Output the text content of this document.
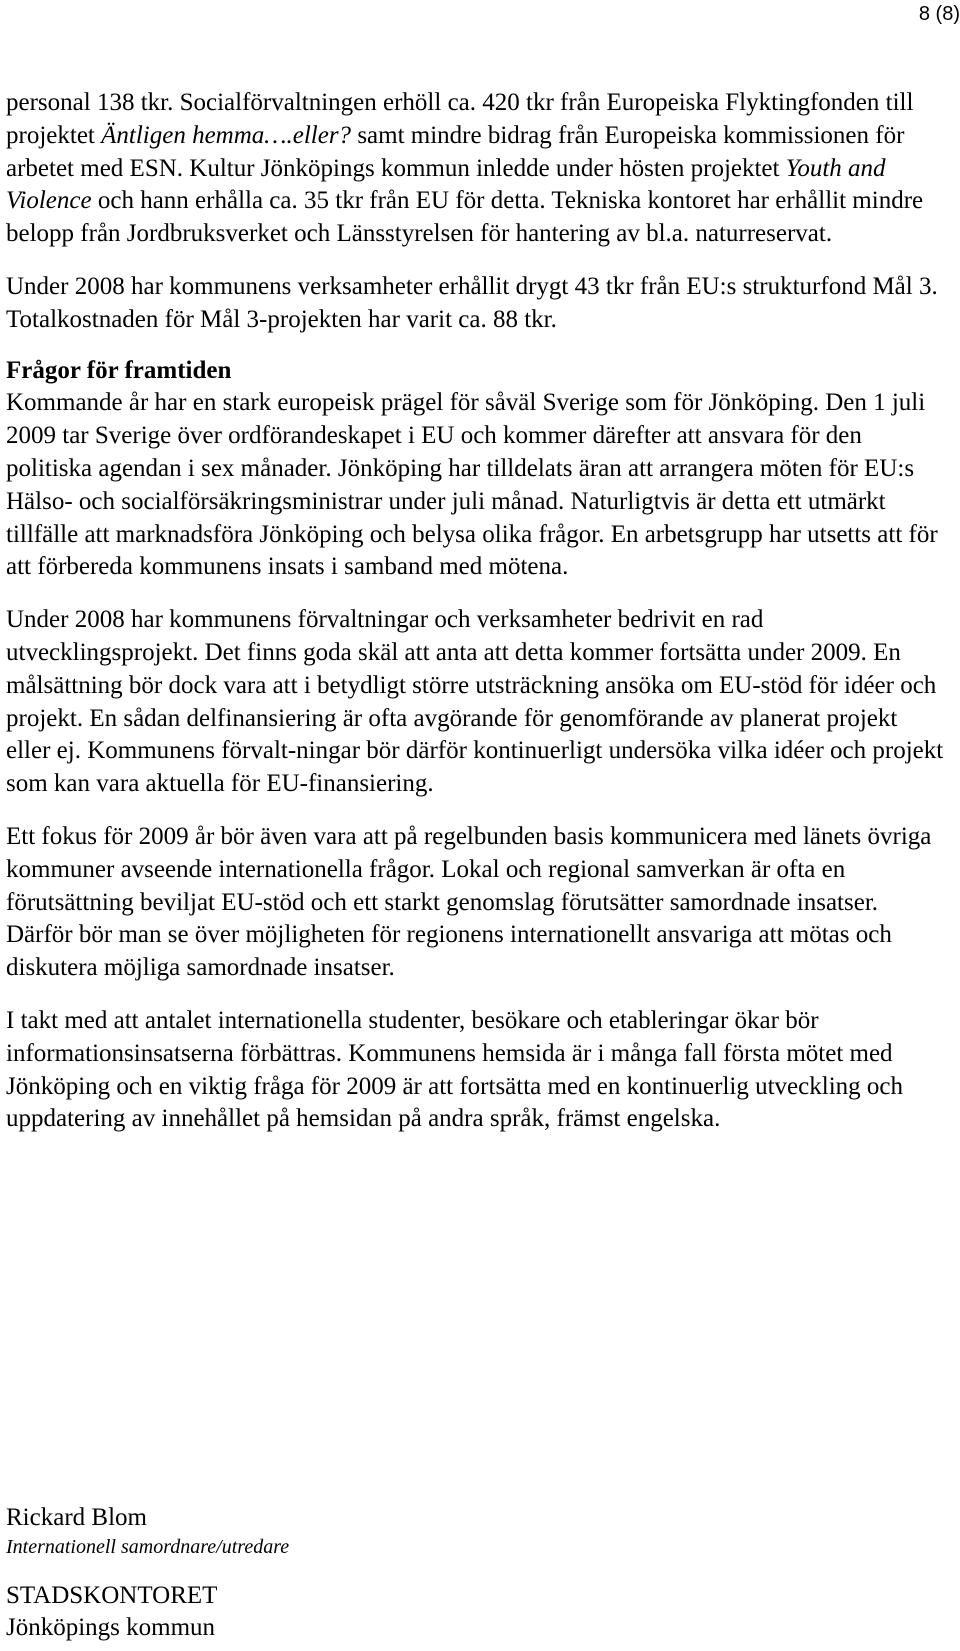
8 (8)

personal 138 tkr. Socialförvaltningen erhöll ca. 420 tkr från Europeiska Flyktingfonden till projektet Äntligen hemma….eller? samt mindre bidrag från Europeiska kommissionen för arbetet med ESN. Kultur Jönköpings kommun inledde under hösten projektet Youth and Violence och hann erhålla ca. 35 tkr från EU för detta. Tekniska kontoret har erhållit mindre belopp från Jordbruksverket och Länsstyrelsen för hantering av bl.a. naturreservat.

Under 2008 har kommunens verksamheter erhållit drygt 43 tkr från EU:s strukturfond Mål 3. Totalkostnaden för Mål 3-projekten har varit ca. 88 tkr.

Frågor för framtiden

Kommande år har en stark europeisk prägel för såväl Sverige som för Jönköping. Den 1 juli 2009 tar Sverige över ordförandeskapet i EU och kommer därefter att ansvara för den politiska agendan i sex månader. Jönköping har tilldelats äran att arrangera möten för EU:s Hälso- och socialförsäkringsministrar under juli månad. Naturligtvis är detta ett utmärkt tillfälle att marknadsföra Jönköping och belysa olika frågor. En arbetsgrupp har utsetts att för att förbereda kommunens insats i samband med mötena.

Under 2008 har kommunens förvaltningar och verksamheter bedrivit en rad utvecklingsprojekt. Det finns goda skäl att anta att detta kommer fortsätta under 2009. En målsättning bör dock vara att i betydligt större utsträckning ansöka om EU-stöd för idéer och projekt. En sådan delfinansiering är ofta avgörande för genomförande av planerat projekt eller ej. Kommunens förvalt-ningar bör därför kontinuerligt undersöka vilka idéer och projekt som kan vara aktuella för EU-finansiering.

Ett fokus för 2009 år bör även vara att på regelbunden basis kommunicera med länets övriga kommuner avseende internationella frågor. Lokal och regional samverkan är ofta en förutsättning beviljat EU-stöd och ett starkt genomslag förutsätter samordnade insatser. Därför bör man se över möjligheten för regionens internationellt ansvariga att mötas och diskutera möjliga samordnade insatser.

I takt med att antalet internationella studenter, besökare och etableringar ökar bör informationsinsatserna förbättras. Kommunens hemsida är i många fall första mötet med Jönköping och en viktig fråga för 2009 är att fortsätta med en kontinuerlig utveckling och uppdatering av innehållet på hemsidan på andra språk, främst engelska.

Rickard Blom
Internationell samordnare/utredare
STADSKONTORET
Jönköpings kommun
